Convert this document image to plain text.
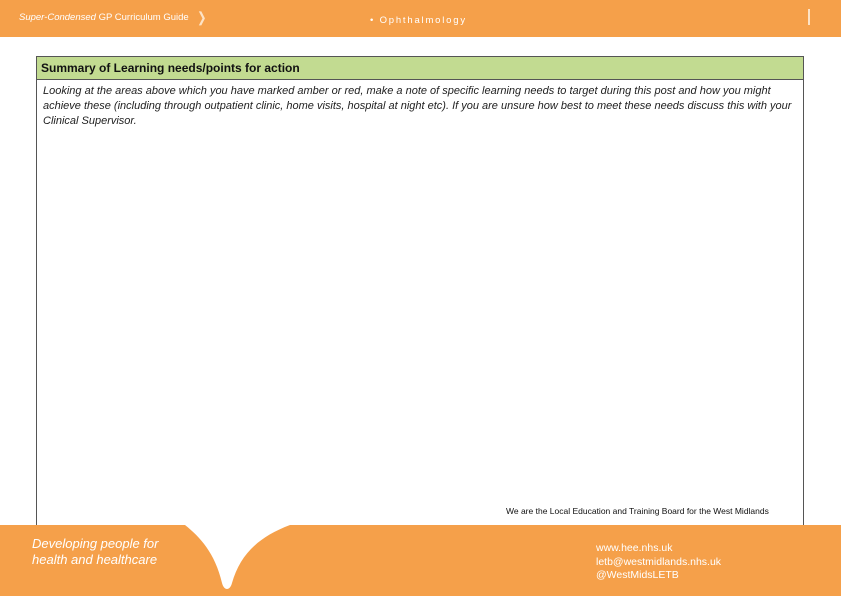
Super-Condensed GP Curriculum Guide ❯	• Ophthalmology
Summary of Learning needs/points for action
Looking at the areas above which you have marked amber or red, make a note of specific learning needs to target during this post and how you might achieve these (including through outpatient clinic, home visits, hospital at night etc). If you are unsure how best to meet these needs discuss this with your Clinical Supervisor.
We are the Local Education and Training Board for the West Midlands
Developing people for health and healthcare
www.hee.nhs.uk
letb@westmidlands.nhs.uk
@WestMidsLETB
